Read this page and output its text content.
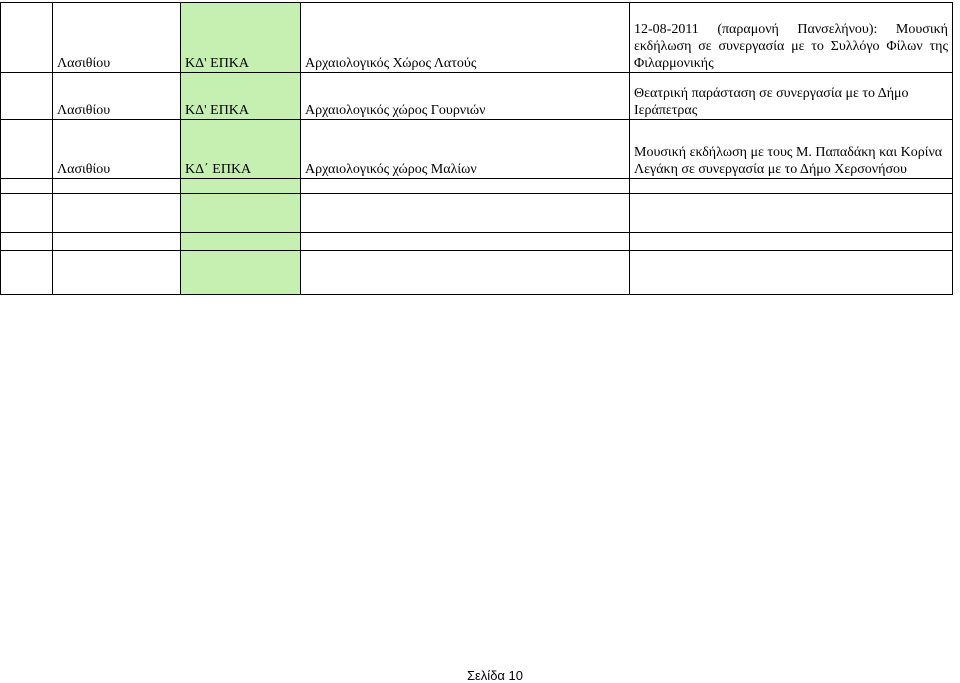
	Λασιθίου	ΚΔ' ΕΠΚΑ	Αρχαιολογικός Χώρος Λατούς	12-08-2011 (παραμονή Πανσελήνου): Μουσική εκδήλωση σε συνεργασία με το Συλλόγο Φίλων της Φιλαρμονικής

	Λασιθίου	ΚΔ' ΕΠΚΑ	Αρχαιολογικός χώρος Γουρνιών	Θεατρική παράσταση σε συνεργασία με το Δήμο Ιεράπετρας

	Λασιθίου	ΚΔ΄ ΕΠΚΑ	Αρχαιολογικός χώρος Μαλίων	Μουσική εκδήλωση με τους Μ. Παπαδάκη και Κορίνα Λεγάκη σε συνεργασία με το Δήμο Χερσονήσου

Σελίδα 10
